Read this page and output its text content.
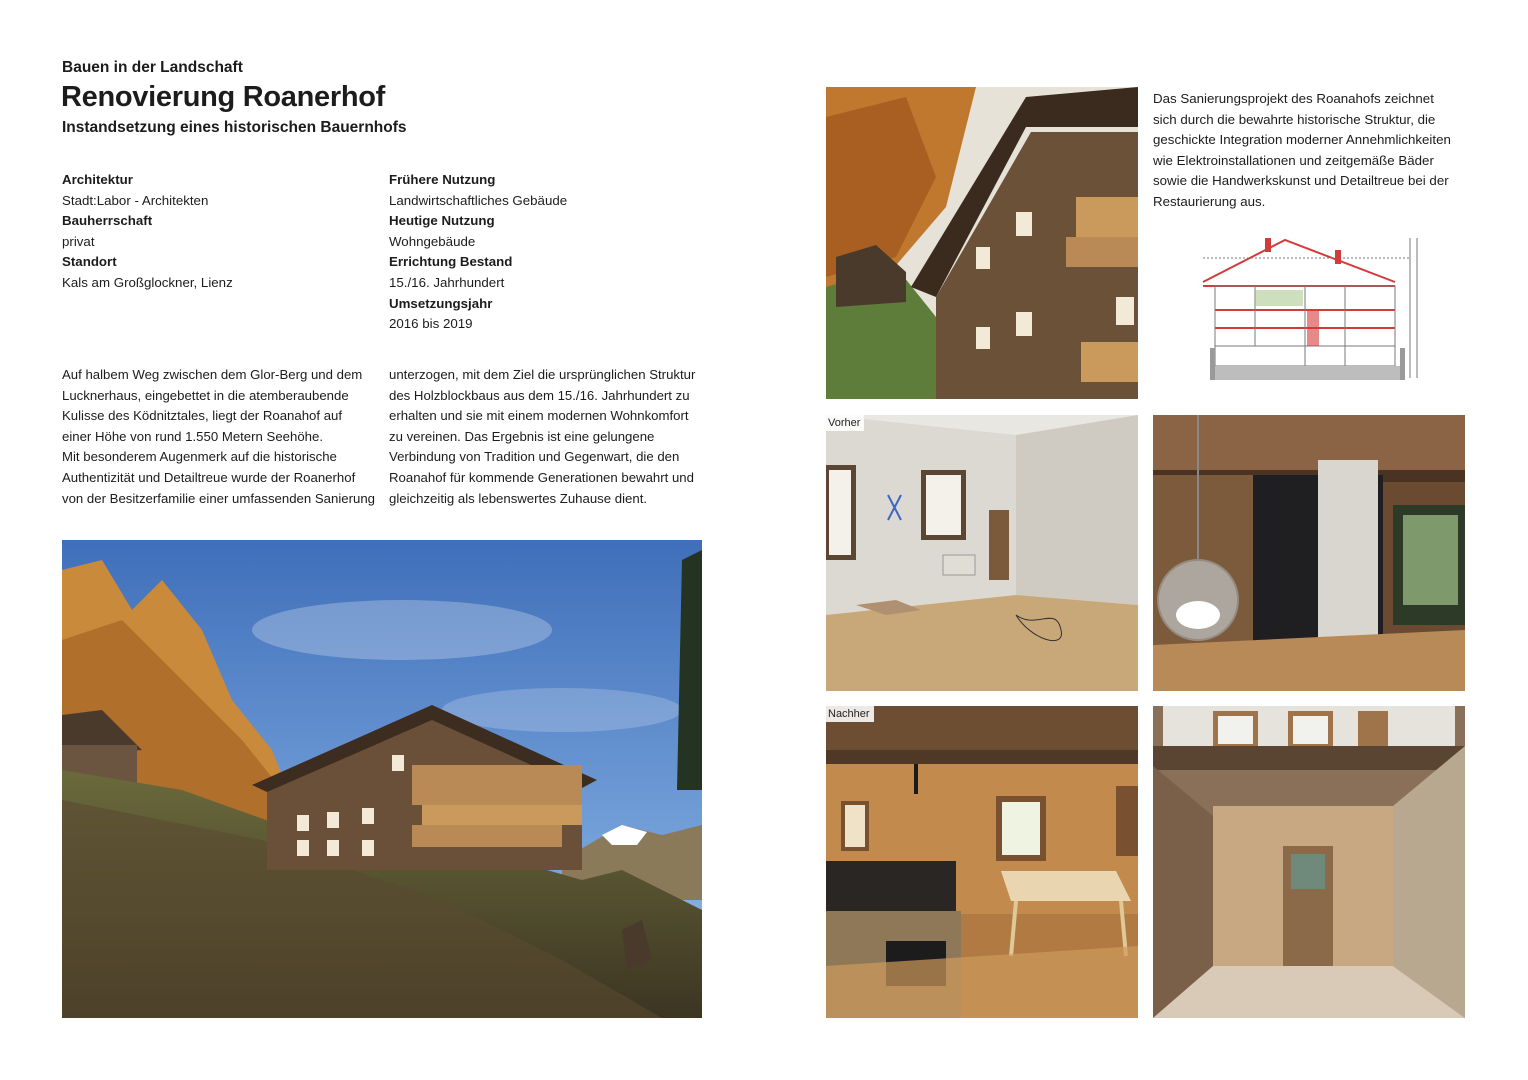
Bauen in der Landschaft
Renovierung Roanerhof
Instandsetzung eines historischen Bauernhofs
Architektur
Stadt:Labor - Architekten
Bauherrschaft
privat
Standort
Kals am Großglockner, Lienz
Frühere Nutzung
Landwirtschaftliches Gebäude
Heutige Nutzung
Wohngebäude
Errichtung Bestand
15./16. Jahrhundert
Umsetzungsjahr
2016 bis 2019
Auf halbem Weg zwischen dem Glor-Berg und dem
Lucknerhaus, eingebettet in die atemberaubende
Kulisse des Ködnitztales, liegt der Roanahof auf
einer Höhe von rund 1.550 Metern Seehöhe.
Mit besonderem Augenmerk auf die historische
Authentizität und Detailtreue wurde der Roanerhof
von der Besitzerfamilie einer umfassenden Sanierung
unterzogen, mit dem Ziel die ursprünglichen Struktur
des Holzblockbaus aus dem 15./16. Jahrhundert zu
erhalten und sie mit einem modernen Wohnkomfort
zu vereinen. Das Ergebnis ist eine gelungene
Verbindung von Tradition und Gegenwart, die den
Roanahof für kommende Generationen bewahrt und
gleichzeitig als lebenswertes Zuhause dient.
Das Sanierungsprojekt des Roanahofs zeichnet
sich durch die bewahrte historische Struktur, die
geschickte Integration moderner Annehmlichkeiten
wie Elektroinstallationen und zeitgemäße Bäder
sowie die Handwerkskunst und Detailtreue bei der
Restaurierung aus.
Vorher
Nachher
